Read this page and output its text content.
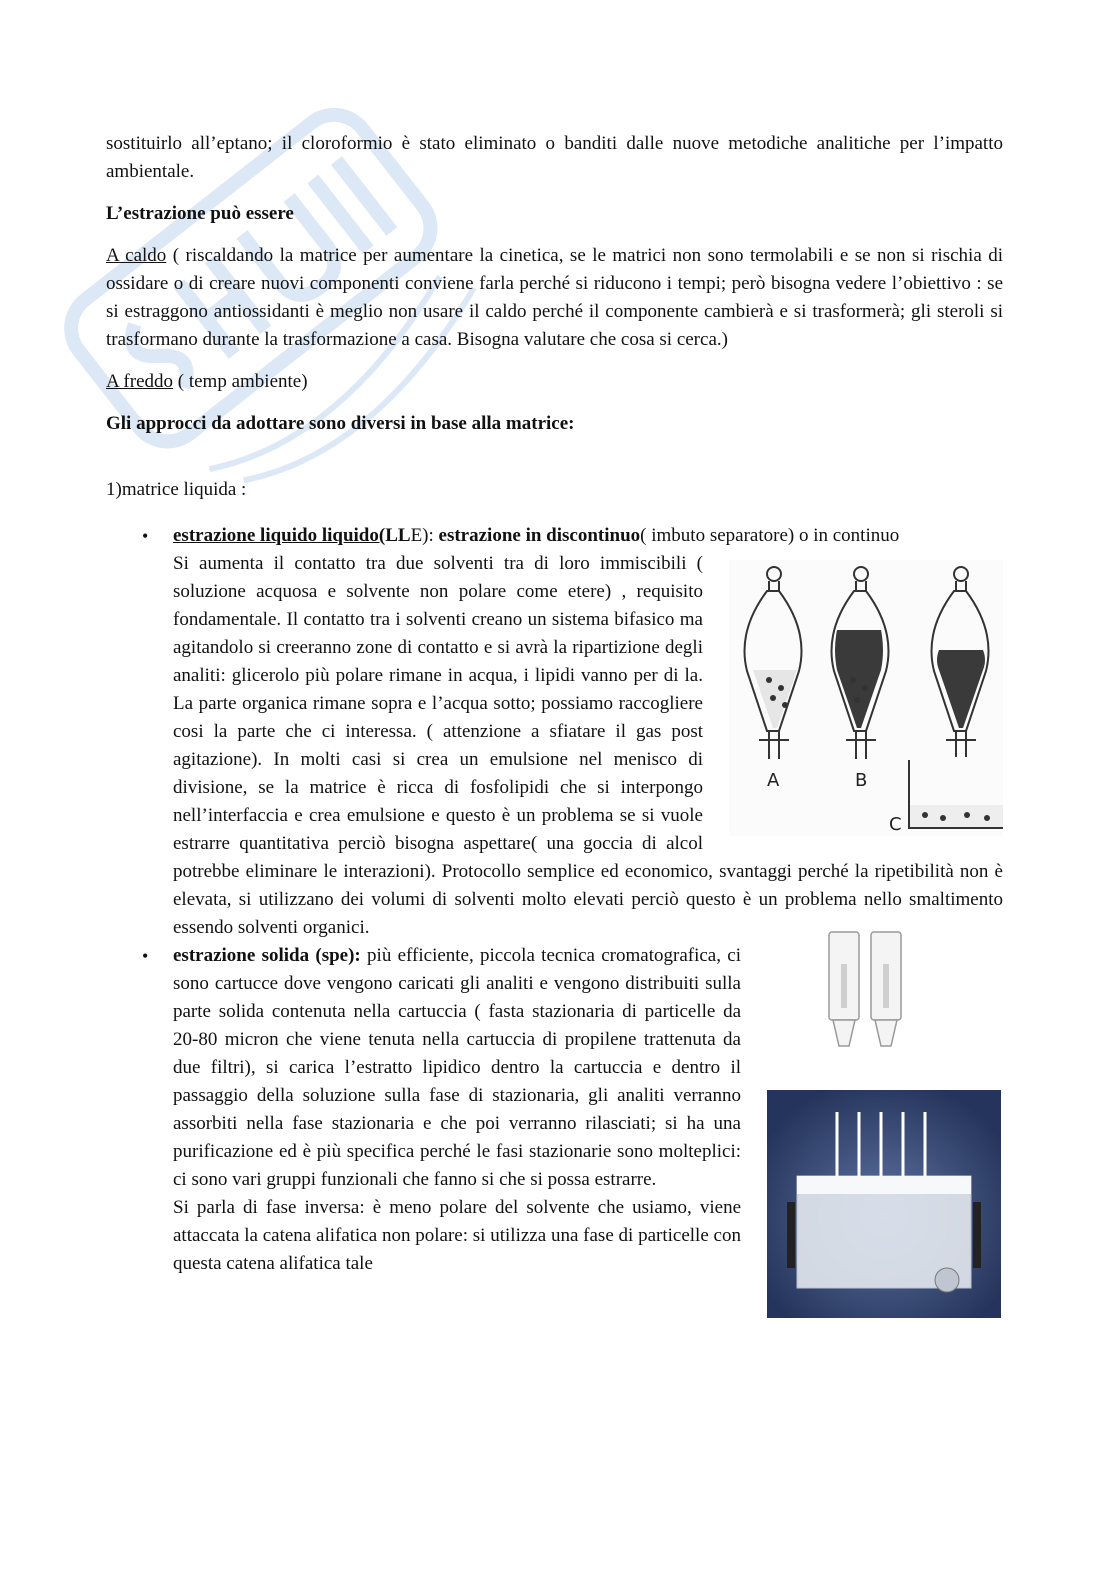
sostituirlo all’eptano; il cloroformio è stato eliminato o banditi dalle nuove metodiche analitiche per l’impatto ambientale.

L’estrazione può essere

A caldo ( riscaldando la matrice per aumentare la cinetica, se le matrici non sono termolabili e se non si rischia di ossidare o di creare nuovi componenti conviene farla perché si riducono i tempi; però bisogna vedere l’obiettivo : se si estraggono antiossidanti è meglio non usare il caldo perché il componente cambierà e si trasformerà; gli steroli si trasformano durante la trasformazione a casa. Bisogna valutare che cosa si cerca.)

A freddo ( temp ambiente)

Gli approcci da adottare sono diversi in base alla matrice:

1)matrice liquida :

• estrazione liquido liquido(LLE): estrazione in discontinuo( imbuto separatore) o in continuo

A	B
C

Si aumenta il contatto tra due solventi tra di loro immiscibili ( soluzione acquosa e solvente non polare come etere) , requisito fondamentale. Il contatto tra i solventi creano un sistema bifasico ma agitandolo si creeranno zone di contatto e si avrà la ripartizione degli analiti: glicerolo più polare rimane in acqua, i lipidi vanno per di la. La parte organica rimane sopra e l’acqua sotto; possiamo raccogliere cosi la parte che ci interessa. ( attenzione a sfiatare il gas post agitazione). In molti casi si crea un emulsione nel menisco di divisione, se la matrice è ricca di fosfolipidi che si interpongo nell’interfaccia e crea emulsione e questo è un problema se si vuole estrarre quantitativa perciò bisogna aspettare( una goccia di alcol potrebbe eliminare le interazioni). Protocollo semplice ed economico, svantaggi perché la ripetibilità non è elevata, si utilizzano dei volumi di solventi molto elevati perciò questo è un problema nello smaltimento essendo solventi organici.

• estrazione solida (spe): più efficiente, piccola tecnica cromatografica, ci sono cartucce dove vengono caricati gli analiti e vengono distribuiti sulla parte solida contenuta nella cartuccia ( fasta stazionaria di particelle da 20-80 micron che viene tenuta nella cartuccia di propilene trattenuta da due filtri), si carica l’estratto lipidico dentro la cartuccia e dentro il passaggio della soluzione sulla fase di stazionaria, gli analiti verranno assorbiti nella fase stazionaria e che poi verranno rilasciati; si ha una purificazione ed è più specifica perché le fasi stazionarie sono molteplici: ci sono vari gruppi funzionali che fanno si che si possa estrarre.

Si parla di fase inversa: è meno polare del solvente che usiamo, viene attaccata la catena alifatica non polare: si utilizza una fase di particelle con questa catena alifatica tale
